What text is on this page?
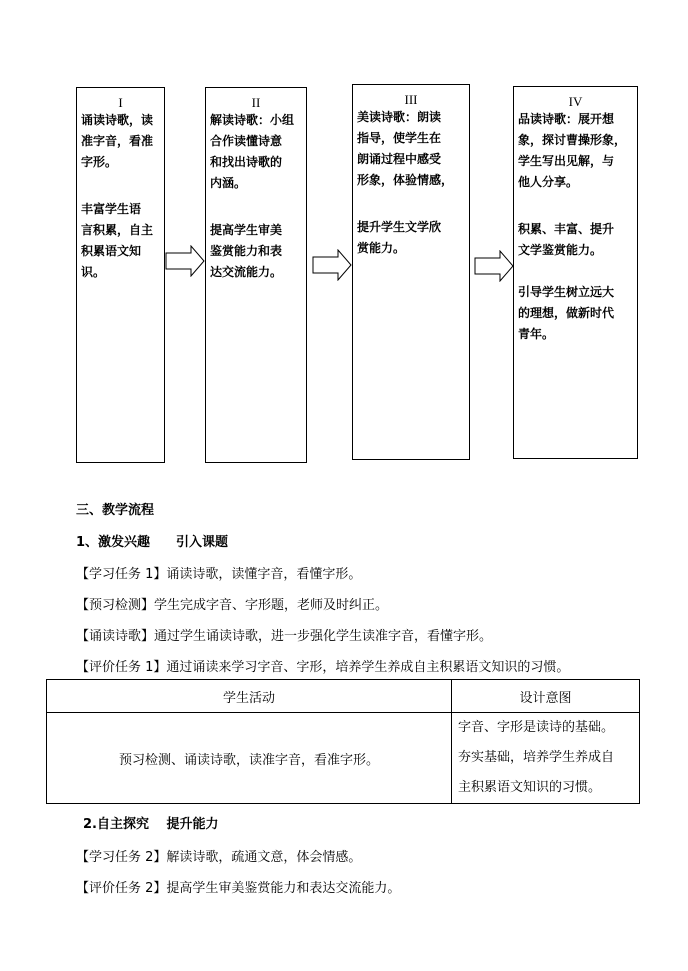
I
诵读诗歌，读
准字音，看准
字形。
丰富学生语
言积累，自主
积累语文知
识。
II
解读诗歌：小组
合作读懂诗意
和找出诗歌的
内涵。
提高学生审美
鉴赏能力和表
达交流能力。
III
美读诗歌：朗读
指导，使学生在
朗诵过程中感受
形象，体验情感，
提升学生文学欣
赏能力。
IV
品读诗歌：展开想
象，探讨曹操形象，
学生写出见解，与
他人分享。
积累、丰富、提升
文学鉴赏能力。

引导学生树立远大
的理想，做新时代
青年。
三、教学流程
1、激发兴趣　　引入课题
【学习任务 1】诵读诗歌，读懂字音，看懂字形。
【预习检测】学生完成字音、字形题，老师及时纠正。
【诵读诗歌】通过学生诵读诗歌，进一步强化学生读准字音，看懂字形。
【评价任务 1】通过诵读来学习字音、字形，培养学生养成自主积累语文知识的习惯。
学生活动	设计意图
预习检测、诵读诗歌，读准字音，看准字形。	字音、字形是读诗的基础。
夯实基础，培养学生养成自
主积累语文知识的习惯。
2.自主探究　 提升能力
【学习任务 2】解读诗歌，疏通文意，体会情感。
【评价任务 2】提高学生审美鉴赏能力和表达交流能力。
